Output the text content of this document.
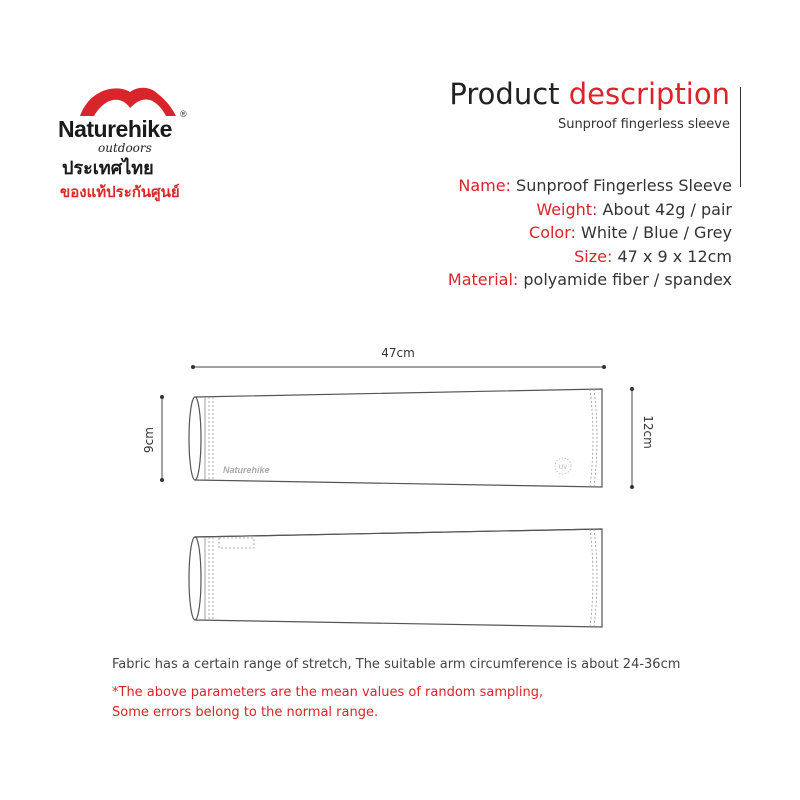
Naturehike
®
outdoors
ประเทศไทย
ของแท้ประกันศูนย์
Product description
Sunproof fingerless sleeve
Name: Sunproof Fingerless Sleeve
Weight: About 42g / pair
Color: White / Blue / Grey
Size: 47 x 9 x 12cm
Material: polyamide fiber / spandex
47cm
9cm	12cm
Naturehike	UV
Fabric has a certain range of stretch, The suitable arm circumference is about 24-36cm
*The above parameters are the mean values of random sampling,
Some errors belong to the normal range.
